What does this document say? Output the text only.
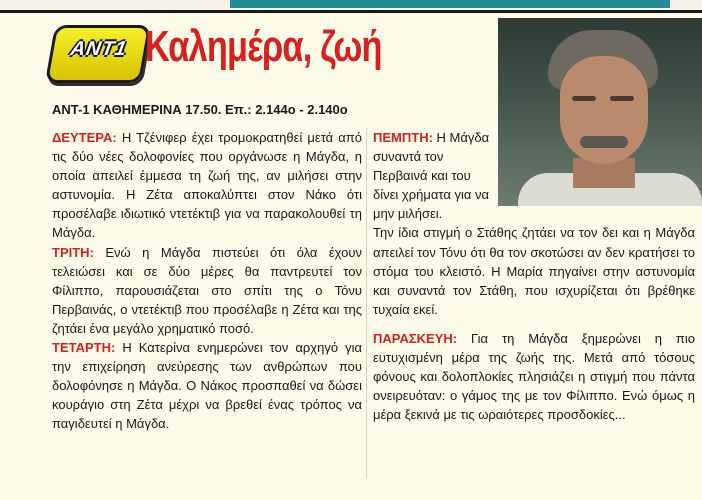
ANT1 Καλημέρα, ζωή
ΑΝΤ-1 ΚΑΘΗΜΕΡΙΝΑ 17.50. Επ.: 2.144ο - 2.140ο

ΔΕΥΤΕΡΑ: Η Τζένιφερ έχει τρομοκρατηθεί μετά από τις δύο νέες δολοφονίες που οργάνωσε η Μάγδα, η οποία απειλεί έμμεσα τη ζωή της, αν μιλήσει στην αστυνομία. Η Ζέτα αποκαλύπτει στον Νάκο ότι προσέλαβε ιδιωτικό ντετέκτιβ για να παρακολουθεί τη Μάγδα.

ΤΡΙΤΗ: Ενώ η Μάγδα πιστεύει ότι όλα έχουν τελειώσει και σε δύο μέρες θα παντρευτεί τον Φίλιππο, παρουσιάζεται στο σπίτι της ο Τόνυ Περβαινάς, ο ντετέκτιβ που προσέλαβε η Ζέτα και της ζητάει ένα μεγάλο χρηματικό ποσό.

ΤΕΤΑΡΤΗ: Η Κατερίνα ενημερώνει τον αρχηγό για την επιχείρηση ανεύρεσης των ανθρώπων που δολοφόνησε η Μάγδα. Ο Νάκος προσπαθεί να δώσει κουράγιο στη Ζέτα μέχρι να βρεθεί ένας τρόπος να παγιδευτεί η Μάγδα.

ΠΕΜΠΤΗ: Η Μάγδα συναντά τον Περβαινά και του δίνει χρήματα για να μην μιλήσει.

Την ίδια στιγμή ο Στάθης ζητάει να τον δει και η Μάγδα απειλεί τον Τόνυ ότι θα τον σκοτώσει αν δεν κρατήσει το στόμα του κλειστό. Η Μαρία πηγαίνει στην αστυνομία και συναντά τον Στάθη, που ισχυρίζεται ότι βρέθηκε τυχαία εκεί.

ΠΑΡΑΣΚΕΥΗ: Για τη Μάγδα ξημερώνει η πιο ευτυχισμένη μέρα της ζωής της. Μετά από τόσους φόνους και δολοπλοκίες πλησιάζει η στιγμή που πάντα ονειρευόταν: ο γάμος της με τον Φίλιππο. Ενώ όμως η μέρα ξεκινά με τις ωραιότερες προσδοκίες...
